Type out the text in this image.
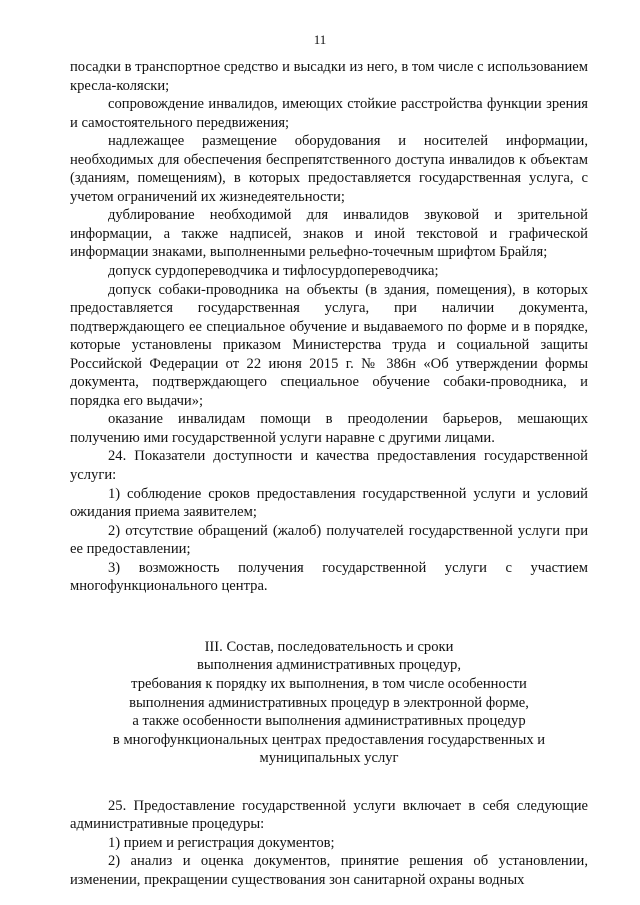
11

посадки в транспортное средство и высадки из него, в том числе с использованием кресла-коляски;

сопровождение инвалидов, имеющих стойкие расстройства функции зрения и самостоятельного передвижения;

надлежащее размещение оборудования и носителей информации, необходимых для обеспечения беспрепятственного доступа инвалидов к объектам (зданиям, помещениям), в которых предоставляется государственная услуга, с учетом ограничений их жизнедеятельности;

дублирование необходимой для инвалидов звуковой и зрительной информации, а также надписей, знаков и иной текстовой и графической информации знаками, выполненными рельефно-точечным шрифтом Брайля;

допуск сурдопереводчика и тифлосурдопереводчика;

допуск собаки-проводника на объекты (в здания, помещения), в которых предоставляется государственная услуга, при наличии документа, подтверждающего ее специальное обучение и выдаваемого по форме и в порядке, которые установлены приказом Министерства труда и социальной защиты Российской Федерации от 22 июня 2015 г. № 386н «Об утверждении формы документа, подтверждающего специальное обучение собаки-проводника, и порядка его выдачи»;

оказание инвалидам помощи в преодолении барьеров, мешающих получению ими государственной услуги наравне с другими лицами.

24. Показатели доступности и качества предоставления государственной услуги:

1) соблюдение сроков предоставления государственной услуги и условий ожидания приема заявителем;

2) отсутствие обращений (жалоб) получателей государственной услуги при ее предоставлении;

3) возможность получения государственной услуги с участием многофункционального центра.

III. Состав, последовательность и сроки
выполнения административных процедур,
требования к порядку их выполнения, в том числе особенности
выполнения административных процедур в электронной форме,
а также особенности выполнения административных процедур
в многофункциональных центрах предоставления государственных и
муниципальных услуг

25. Предоставление государственной услуги включает в себя следующие административные процедуры:

1) прием и регистрация документов;

2) анализ и оценка документов, принятие решения об установлении, изменении, прекращении существования зон санитарной охраны водных
